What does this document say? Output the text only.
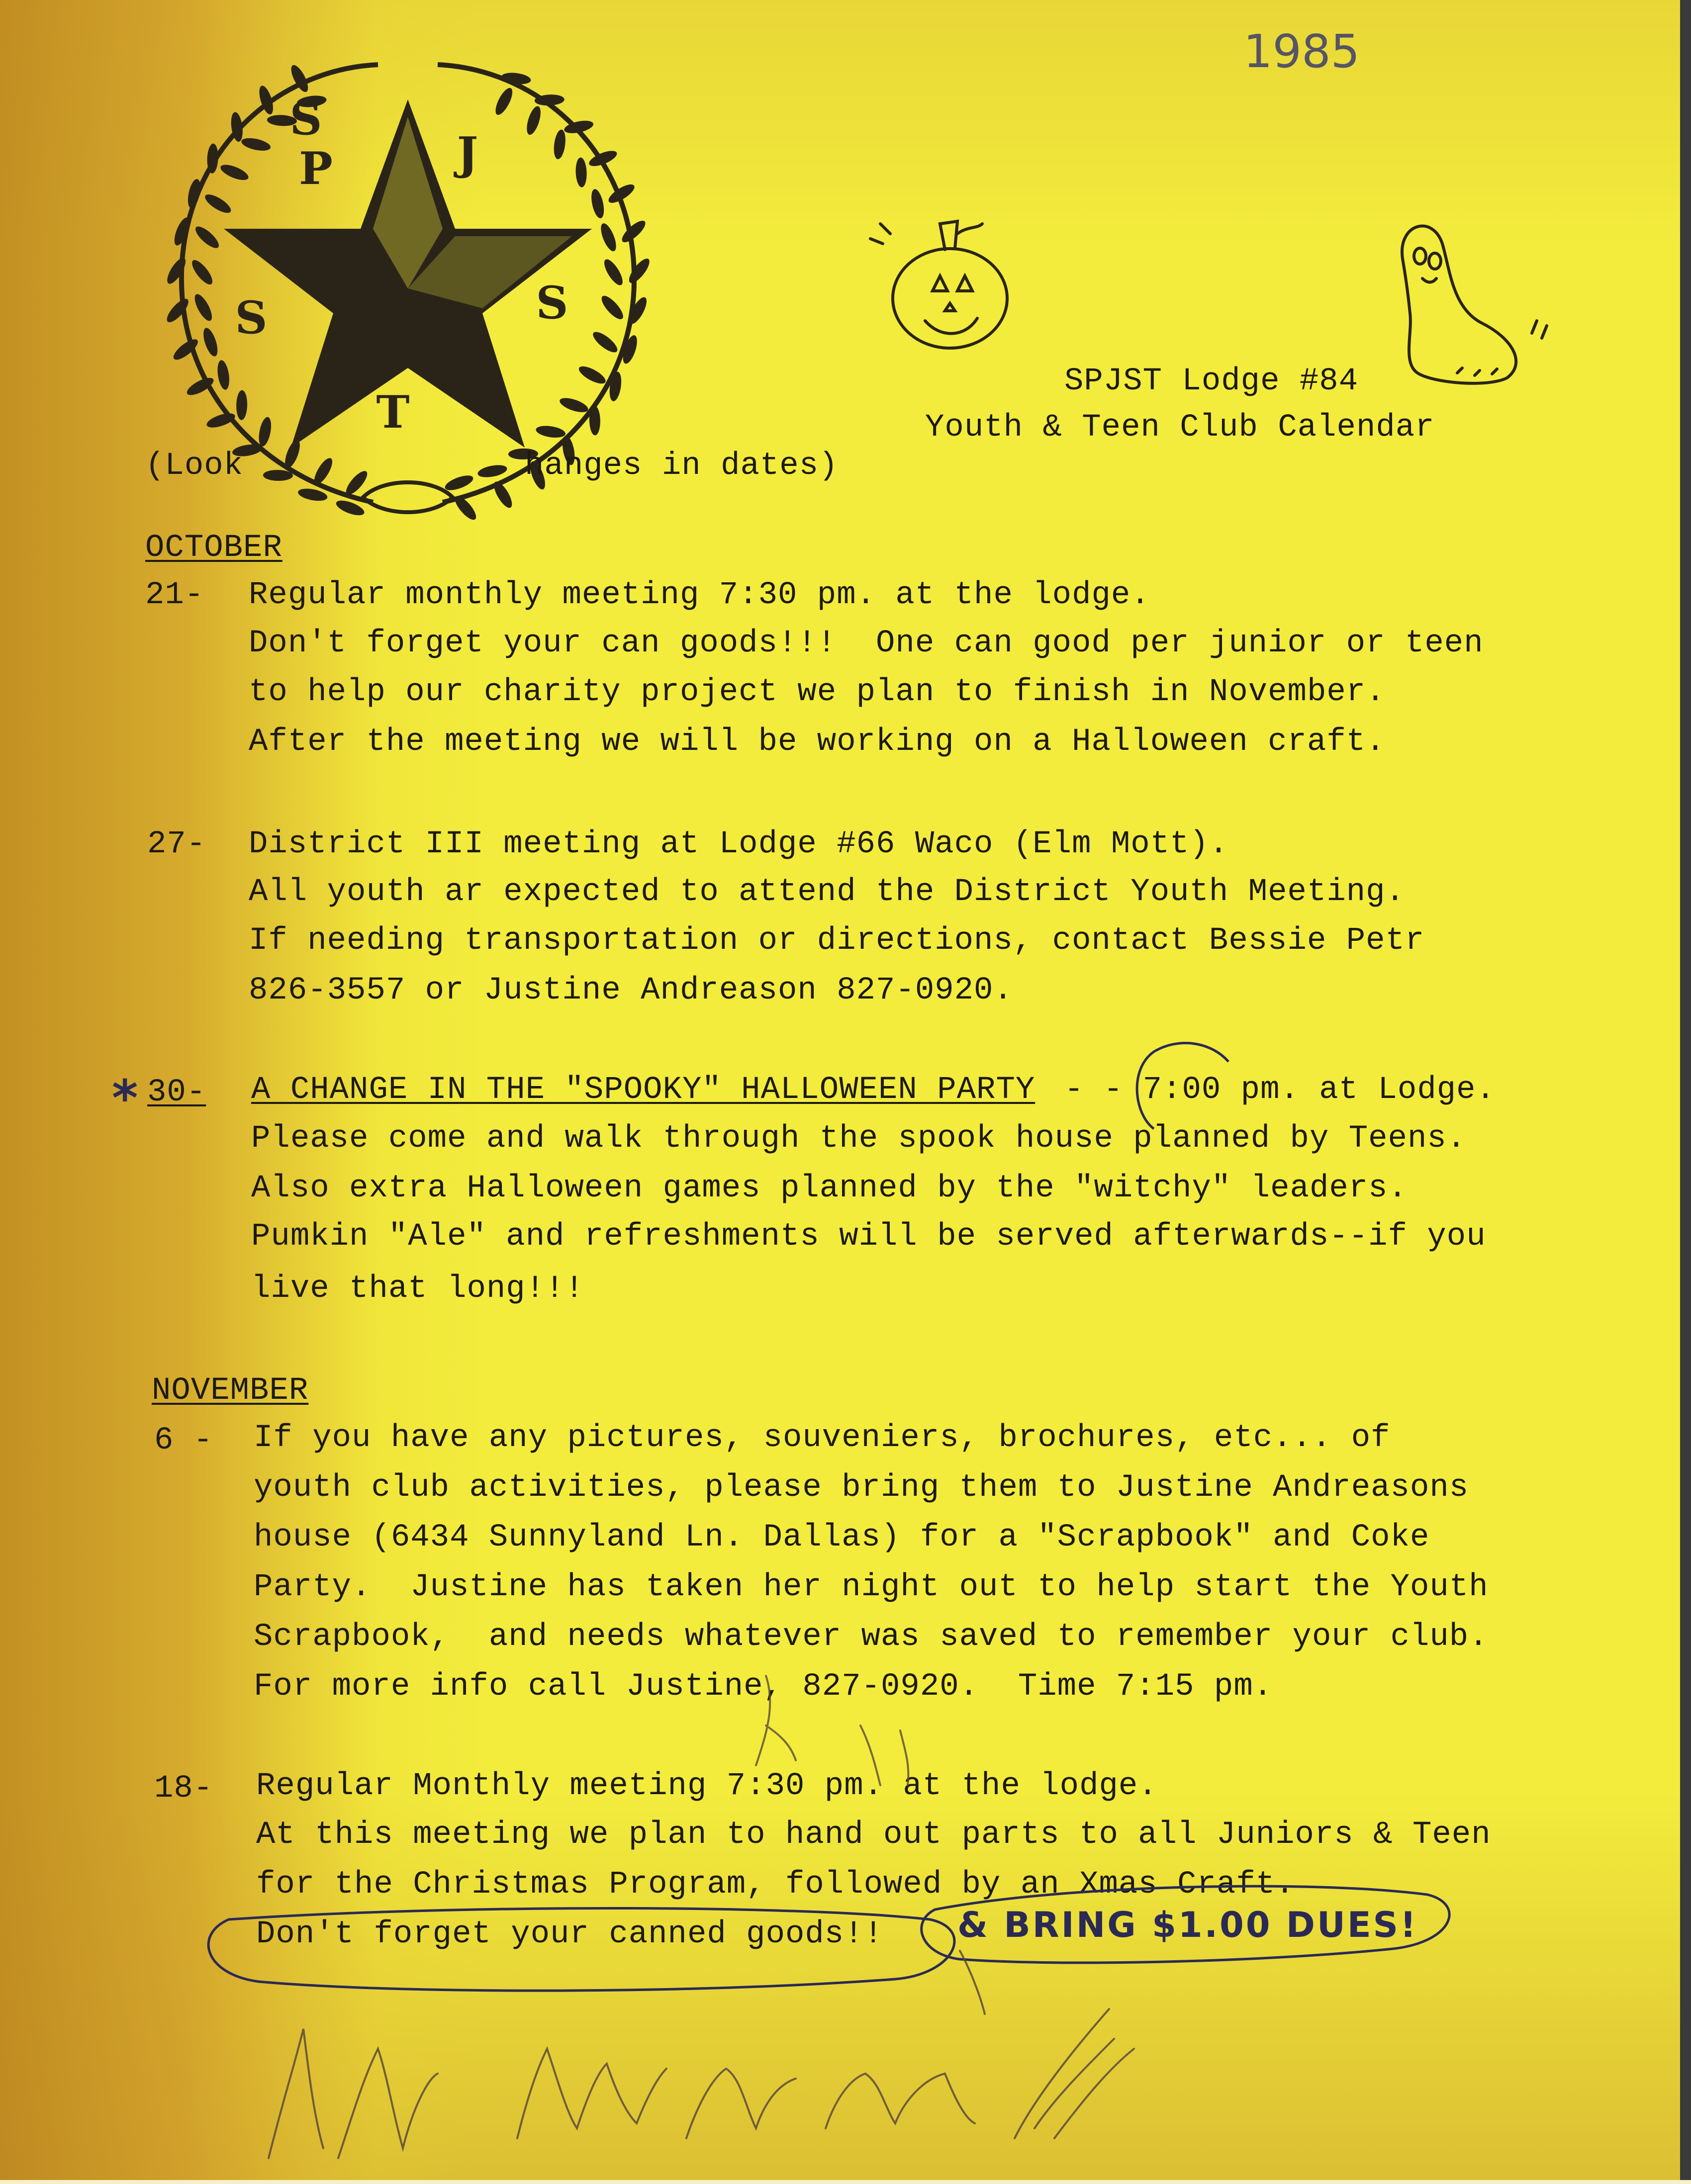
S
P	J
S	S
T
1985
SPJST Lodge #84
Youth & Teen Club Calendar
(Look	hanges in dates)
OCTOBER
21- Regular monthly meeting 7:30 pm. at the lodge.
Don't forget your can goods!!!  One can good per junior or teen
to help our charity project we plan to finish in November.
After the meeting we will be working on a Halloween craft.
27- District III meeting at Lodge #66 Waco (Elm Mott).
All youth ar expected to attend the District Youth Meeting.
If needing transportation or directions, contact Bessie Petr
826-3557 or Justine Andreason 827-0920.
* 30- A CHANGE IN THE "SPOOKY" HALLOWEEN PARTY - - 7:00 pm. at Lodge.
Please come and walk through the spook house planned by Teens.
Also extra Halloween games planned by the "witchy" leaders.
Pumkin "Ale" and refreshments will be served afterwards--if you
live that long!!!
NOVEMBER
6 - If you have any pictures, souveniers, brochures, etc... of
youth club activities, please bring them to Justine Andreasons
house (6434 Sunnyland Ln. Dallas) for a "Scrapbook" and Coke
Party.  Justine has taken her night out to help start the Youth
Scrapbook,  and needs whatever was saved to remember your club.
For more info call Justine, 827-0920.  Time 7:15 pm.
18- Regular Monthly meeting 7:30 pm. at the lodge.
At this meeting we plan to hand out parts to all Juniors & Teen
for the Christmas Program, followed by an Xmas Craft.
Don't forget your canned goods!! & BRING $1.00 DUES!
